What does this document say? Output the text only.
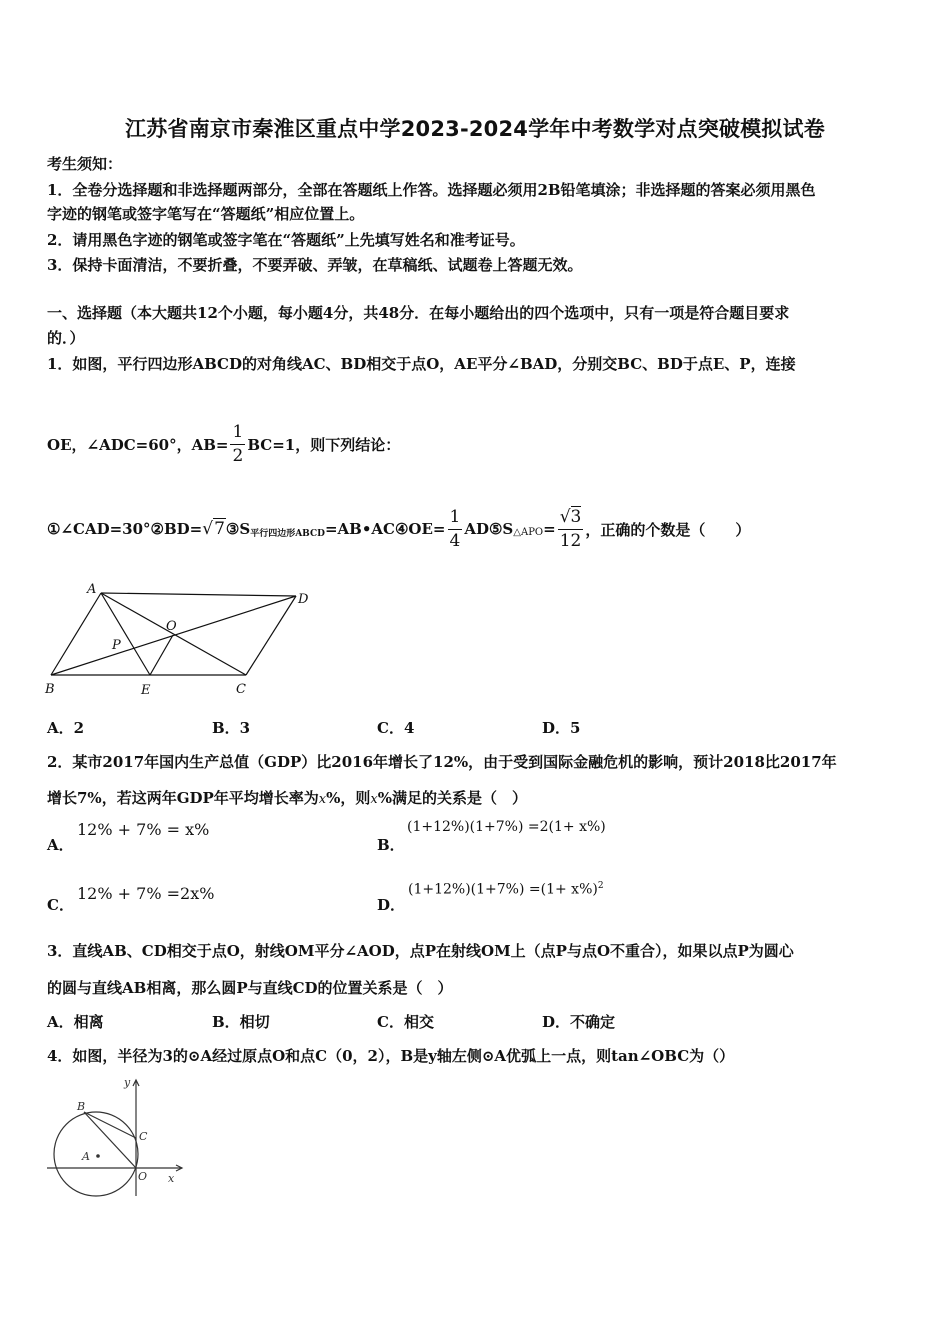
江苏省南京市秦淮区重点中学2023-2024学年中考数学对点突破模拟试卷
考生须知：
1．全卷分选择题和非选择题两部分，全部在答题纸上作答。选择题必须用2B铅笔填涂；非选择题的答案必须用黑色
字迹的钢笔或签字笔写在“答题纸”相应位置上。
2．请用黑色字迹的钢笔或签字笔在“答题纸”上先填写姓名和准考证号。
3．保持卡面清洁，不要折叠，不要弄破、弄皱，在草稿纸、试题卷上答题无效。
一、选择题（本大题共12个小题，每小题4分，共48分．在每小题给出的四个选项中，只有一项是符合题目要求
的．）
1．如图，平行四边形ABCD的对角线AC、BD相交于点O，AE平分∠BAD，分别交BC、BD于点E、P，连接
OE，∠ADC=60°，$AB= \frac{1}{2} BC=1$，则下列结论：
①∠CAD=30°②BD= √7 ③S 平行四边形ABCD =AB•AC④OE= $\frac{1}{4}$ AD⑤S △APO = $\frac{√3}{12}$ ，正确的个数是（　　）
A
D
O
P
B	E	C
A．2	B．3	C．4	D．5
2．某市2017年国内生产总值（GDP）比2016年增长了12%，由于受到国际金融危机的影响，预计2018比2017年
增长7%，若这两年GDP年平均增长率为x%，则x%满足的关系是（　）
A．
12% + 7% = x%
B．
(1+12%)(1+7%) =2(1+ x%)
C．
12% + 7% =2x%
D．
$(1+12\%)(1+7\%) =(1+ x\%)^2$
3．直线AB、CD相交于点O，射线OM平分∠AOD，点P在射线OM上（点P与点O不重合），如果以点P为圆心
的圆与直线AB相离，那么圆P与直线CD的位置关系是（　）
A．相离	B．相切	C．相交	D．不确定
4．如图，半径为3的⊙A经过原点O和点C（0，2），B是y轴左侧⊙A优弧上一点，则tan∠OBC为（）
y
x
B
C
A
O
